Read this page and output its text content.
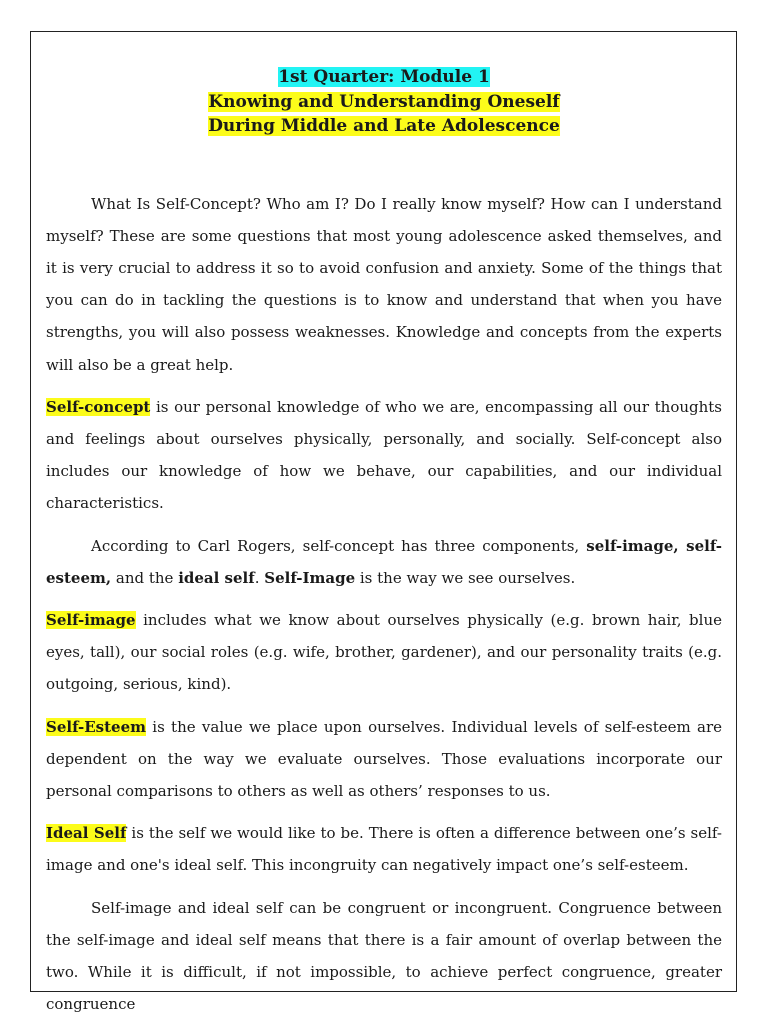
1st Quarter: Module 1
Knowing and Understanding Oneself
During Middle and Late Adolescence

What Is Self-Concept? Who am I? Do I really know myself? How can I understand myself? These are some questions that most young adolescence asked themselves, and it is very crucial to address it so to avoid confusion and anxiety. Some of the things that you can do in tackling the questions is to know and understand that when you have strengths, you will also possess weaknesses. Knowledge and concepts from the experts will also be a great help.

Self-concept is our personal knowledge of who we are, encompassing all our thoughts and feelings about ourselves physically, personally, and socially. Self-concept also includes our knowledge of how we behave, our capabilities, and our individual characteristics.

According to Carl Rogers, self-concept has three components, self-image, self-esteem, and the ideal self. Self-Image is the way we see ourselves.

Self-image includes what we know about ourselves physically (e.g. brown hair, blue eyes, tall), our social roles (e.g. wife, brother, gardener), and our personality traits (e.g. outgoing, serious, kind).

Self-Esteem is the value we place upon ourselves. Individual levels of self-esteem are dependent on the way we evaluate ourselves. Those evaluations incorporate our personal comparisons to others as well as others’ responses to us.

Ideal Self is the self we would like to be. There is often a difference between one’s self-image and one's ideal self. This incongruity can negatively impact one’s self-esteem.

Self-image and ideal self can be congruent or incongruent. Congruence between the self-image and ideal self means that there is a fair amount of overlap between the two. While it is difficult, if not impossible, to achieve perfect congruence, greater congruence
